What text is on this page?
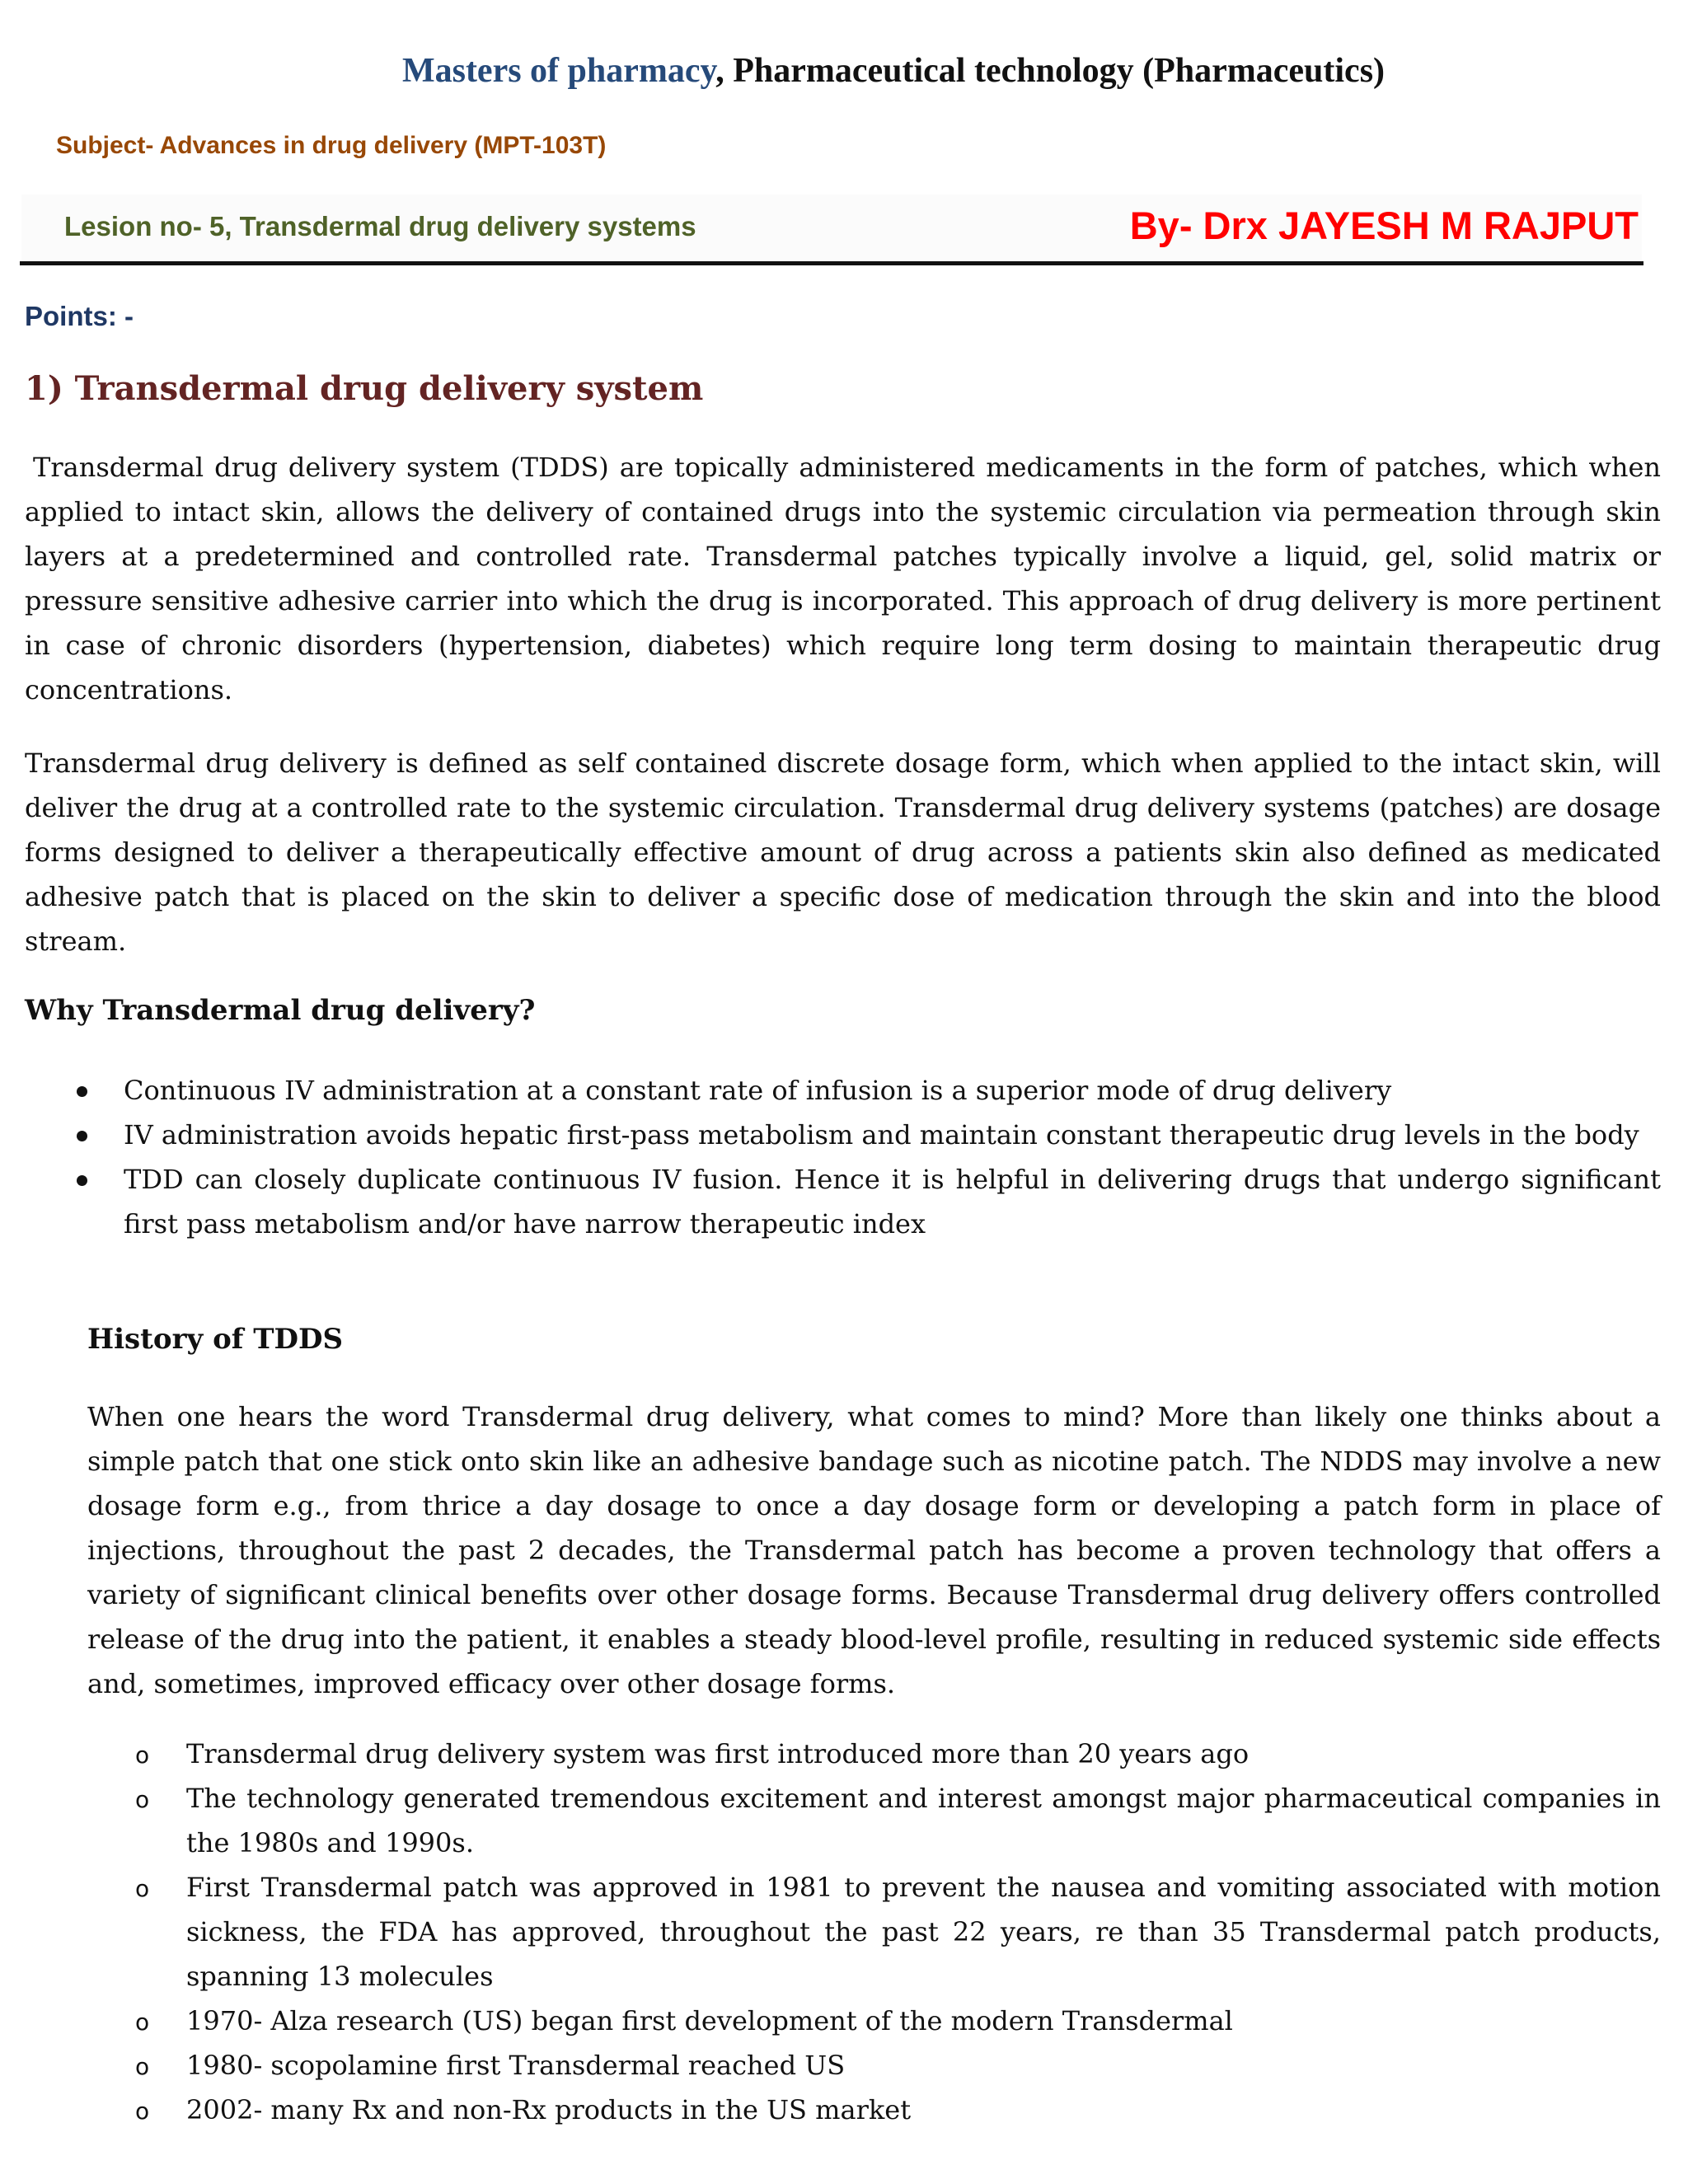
Masters of pharmacy, Pharmaceutical technology (Pharmaceutics)
Subject- Advances in drug delivery (MPT-103T)
Lesion no- 5, Transdermal drug delivery systems	By- Drx JAYESH M RAJPUT
Points: -
1) Transdermal drug delivery system
Transdermal drug delivery system (TDDS) are topically administered medicaments in the form of patches, which when applied to intact skin, allows the delivery of contained drugs into the systemic circulation via permeation through skin layers at a predetermined and controlled rate. Transdermal patches typically involve a liquid, gel, solid matrix or pressure sensitive adhesive carrier into which the drug is incorporated. This approach of drug delivery is more pertinent in case of chronic disorders (hypertension, diabetes) which require long term dosing to maintain therapeutic drug concentrations.
Transdermal drug delivery is defined as self contained discrete dosage form, which when applied to the intact skin, will deliver the drug at a controlled rate to the systemic circulation. Transdermal drug delivery systems (patches) are dosage forms designed to deliver a therapeutically effective amount of drug across a patients skin also defined as medicated adhesive patch that is placed on the skin to deliver a specific dose of medication through the skin and into the blood stream.
Why Transdermal drug delivery?
Continuous IV administration at a constant rate of infusion is a superior mode of drug delivery
IV administration avoids hepatic first-pass metabolism and maintain constant therapeutic drug levels in the body
TDD can closely duplicate continuous IV fusion. Hence it is helpful in delivering drugs that undergo significant first pass metabolism and/or have narrow therapeutic index
History of TDDS
When one hears the word Transdermal drug delivery, what comes to mind? More than likely one thinks about a simple patch that one stick onto skin like an adhesive bandage such as nicotine patch. The NDDS may involve a new dosage form e.g., from thrice a day dosage to once a day dosage form or developing a patch form in place of injections, throughout the past 2 decades, the Transdermal patch has become a proven technology that offers a variety of significant clinical benefits over other dosage forms. Because Transdermal drug delivery offers controlled release of the drug into the patient, it enables a steady blood-level profile, resulting in reduced systemic side effects and, sometimes, improved efficacy over other dosage forms.
o Transdermal drug delivery system was first introduced more than 20 years ago
o The technology generated tremendous excitement and interest amongst major pharmaceutical companies in the 1980s and 1990s.
o First Transdermal patch was approved in 1981 to prevent the nausea and vomiting associated with motion sickness, the FDA has approved, throughout the past 22 years, re than 35 Transdermal patch products, spanning 13 molecules
o 1970- Alza research (US) began first development of the modern Transdermal
o 1980- scopolamine first Transdermal reached US
o 2002- many Rx and non-Rx products in the US market
